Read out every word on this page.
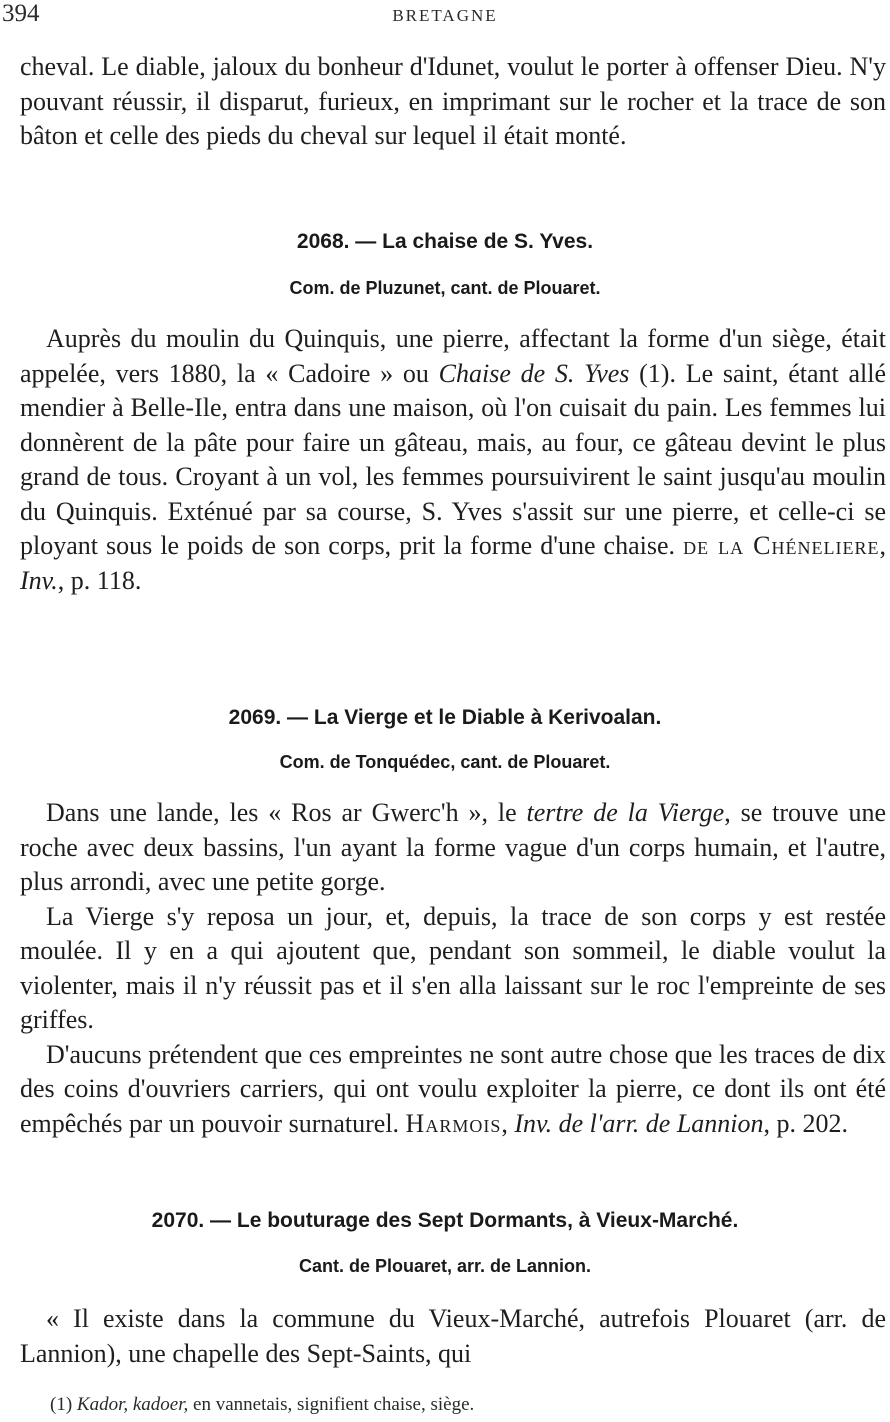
394	BRETAGNE

cheval. Le diable, jaloux du bonheur d'Idunet, voulut le porter à offenser Dieu. N'y pouvant réussir, il disparut, furieux, en imprimant sur le rocher et la trace de son bâton et celle des pieds du cheval sur lequel il était monté.

2068. — La chaise de S. Yves.
Com. de Pluzunet, cant. de Plouaret.

Auprès du moulin du Quinquis, une pierre, affectant la forme d'un siège, était appelée, vers 1880, la « Cadoire » ou Chaise de S. Yves (1). Le saint, étant allé mendier à Belle-Ile, entra dans une maison, où l'on cuisait du pain. Les femmes lui donnèrent de la pâte pour faire un gâteau, mais, au four, ce gâteau devint le plus grand de tous. Croyant à un vol, les femmes poursuivirent le saint jusqu'au moulin du Quinquis. Exténué par sa course, S. Yves s'assit sur une pierre, et celle-ci se ployant sous le poids de son corps, prit la forme d'une chaise. de la Chéneliere, Inv., p. 118.

2069. — La Vierge et le Diable à Kerivoalan.
Com. de Tonquédec, cant. de Plouaret.

Dans une lande, les « Ros ar Gwerc'h », le tertre de la Vierge, se trouve une roche avec deux bassins, l'un ayant la forme vague d'un corps humain, et l'autre, plus arrondi, avec une petite gorge.

La Vierge s'y reposa un jour, et, depuis, la trace de son corps y est restée moulée. Il y en a qui ajoutent que, pendant son sommeil, le diable voulut la violenter, mais il n'y réussit pas et il s'en alla laissant sur le roc l'empreinte de ses griffes.

D'aucuns prétendent que ces empreintes ne sont autre chose que les traces de dix des coins d'ouvriers carriers, qui ont voulu exploiter la pierre, ce dont ils ont été empêchés par un pouvoir surnaturel. Harmois, Inv. de l'arr. de Lannion, p. 202.

2070. — Le bouturage des Sept Dormants, à Vieux-Marché.
Cant. de Plouaret, arr. de Lannion.

« Il existe dans la commune du Vieux-Marché, autrefois Plouaret (arr. de Lannion), une chapelle des Sept-Saints, qui

(1) Kador, kadoer, en vannetais, signifient chaise, siège.
